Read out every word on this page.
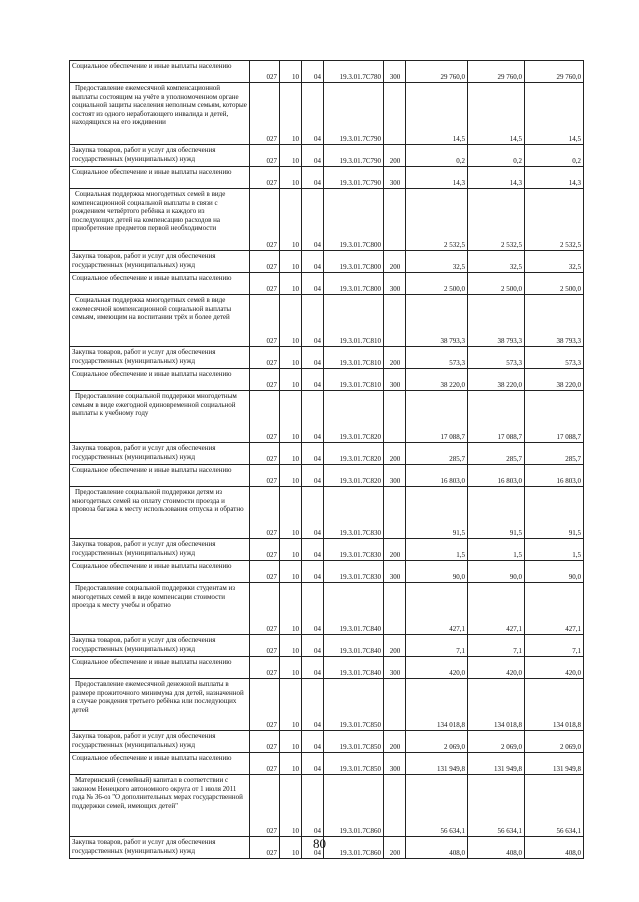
Социальное обеспечение и иные выплаты населению	027	10	04	19.3.01.7С780	300	29 760,0	29 760,0	29 760,0
Предоставление ежемесячной компенсационной выплаты состоящим на учёте в уполномоченном органе социальной защиты населения неполным семьям, которые состоят из одного неработающего инвалида и детей, находящихся на его иждивении	027	10	04	19.3.01.7С790		14,5	14,5	14,5
Закупка товаров, работ и услуг для обеспечения государственных (муниципальных) нужд	027	10	04	19.3.01.7С790	200	0,2	0,2	0,2
Социальное обеспечение и иные выплаты населению	027	10	04	19.3.01.7С790	300	14,3	14,3	14,3
Социальная поддержка многодетных семей в виде компенсационной социальной выплаты в связи с рождением четвёртого ребёнка и каждого из последующих детей на компенсацию расходов на приобретение предметов первой необходимости	027	10	04	19.3.01.7С800		2 532,5	2 532,5	2 532,5
Закупка товаров, работ и услуг для обеспечения государственных (муниципальных) нужд	027	10	04	19.3.01.7С800	200	32,5	32,5	32,5
Социальное обеспечение и иные выплаты населению	027	10	04	19.3.01.7С800	300	2 500,0	2 500,0	2 500,0
Социальная поддержка многодетных семей в виде ежемесячной компенсационной социальной выплаты семьям, имеющим на воспитании трёх и более детей	027	10	04	19.3.01.7С810		38 793,3	38 793,3	38 793,3
Закупка товаров, работ и услуг для обеспечения государственных (муниципальных) нужд	027	10	04	19.3.01.7С810	200	573,3	573,3	573,3
Социальное обеспечение и иные выплаты населению	027	10	04	19.3.01.7С810	300	38 220,0	38 220,0	38 220,0
Предоставление социальной поддержки многодетным семьям в виде ежегодной единовременной социальной выплаты к учебному году	027	10	04	19.3.01.7С820		17 088,7	17 088,7	17 088,7
Закупка товаров, работ и услуг для обеспечения государственных (муниципальных) нужд	027	10	04	19.3.01.7С820	200	285,7	285,7	285,7
Социальное обеспечение и иные выплаты населению	027	10	04	19.3.01.7С820	300	16 803,0	16 803,0	16 803,0
Предоставление социальной поддержки детям из многодетных семей на оплату стоимости проезда и провоза багажа к месту использования отпуска и обратно	027	10	04	19.3.01.7С830		91,5	91,5	91,5
Закупка товаров, работ и услуг для обеспечения государственных (муниципальных) нужд	027	10	04	19.3.01.7С830	200	1,5	1,5	1,5
Социальное обеспечение и иные выплаты населению	027	10	04	19.3.01.7С830	300	90,0	90,0	90,0
Предоставление социальной поддержки студентам из многодетных семей в виде компенсации стоимости проезда к месту учебы и обратно	027	10	04	19.3.01.7С840		427,1	427,1	427,1
Закупка товаров, работ и услуг для обеспечения государственных (муниципальных) нужд	027	10	04	19.3.01.7С840	200	7,1	7,1	7,1
Социальное обеспечение и иные выплаты населению	027	10	04	19.3.01.7С840	300	420,0	420,0	420,0
Предоставление ежемесячной денежной выплаты в размере прожиточного минимума для детей, назначенной в случае рождения третьего ребёнка или последующих детей	027	10	04	19.3.01.7С850		134 018,8	134 018,8	134 018,8
Закупка товаров, работ и услуг для обеспечения государственных (муниципальных) нужд	027	10	04	19.3.01.7С850	200	2 069,0	2 069,0	2 069,0
Социальное обеспечение и иные выплаты населению	027	10	04	19.3.01.7С850	300	131 949,8	131 949,8	131 949,8
Материнский (семейный) капитал в соответствии с законом Ненецкого автономного округа от 1 июля 2011 года № 36-оз "О дополнительных мерах государственной поддержки семей, имеющих детей"	027	10	04	19.3.01.7С860		56 634,1	56 634,1	56 634,1
Закупка товаров, работ и услуг для обеспечения государственных (муниципальных) нужд	027	10	04	19.3.01.7С860	200	408,0	408,0	408,0
80
